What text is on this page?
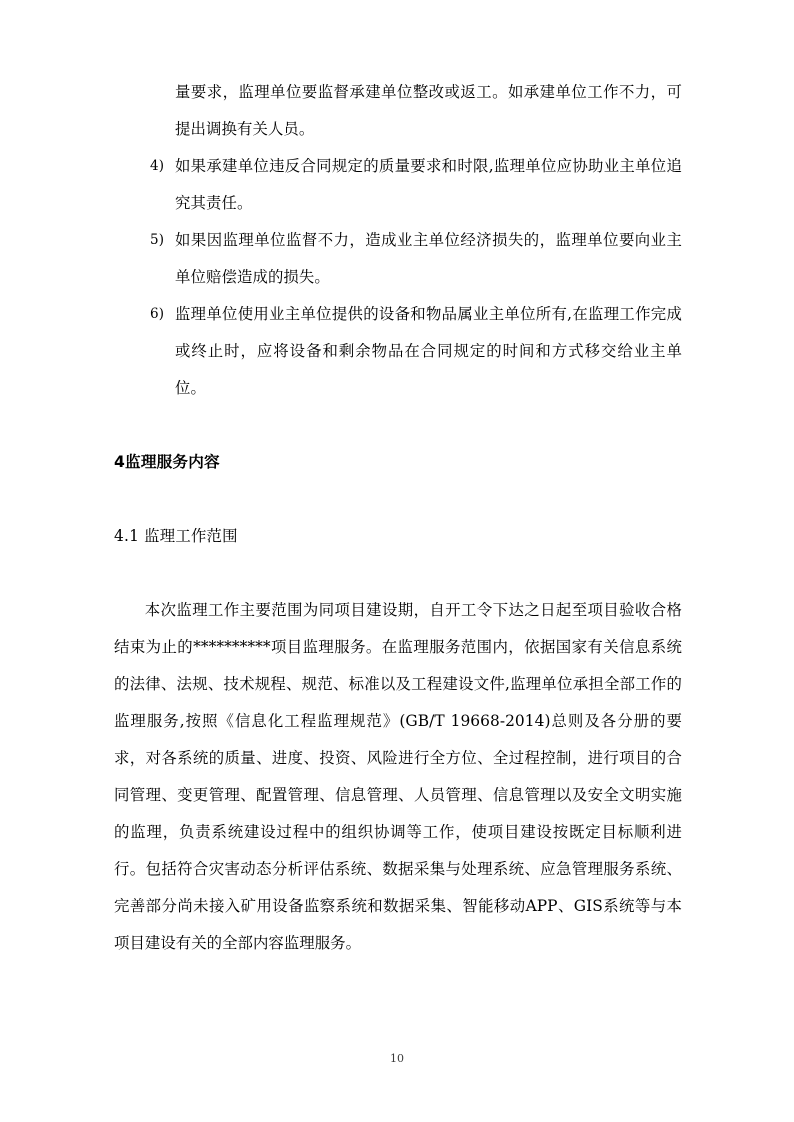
量要求，监理单位要监督承建单位整改或返工。如承建单位工作不力，可提出调换有关人员。

4) 如果承建单位违反合同规定的质量要求和时限,监理单位应协助业主单位追究其责任。
5) 如果因监理单位监督不力，造成业主单位经济损失的，监理单位要向业主单位赔偿造成的损失。
6) 监理单位使用业主单位提供的设备和物品属业主单位所有,在监理工作完成或终止时，应将设备和剩余物品在合同规定的时间和方式移交给业主单位。
4监理服务内容
4.1 监理工作范围

本次监理工作主要范围为同项目建设期，自开工令下达之日起至项目验收合格结束为止的**********项目监理服务。在监理服务范围内，依据国家有关信息系统的法律、法规、技术规程、规范、标准以及工程建设文件,监理单位承担全部工作的监理服务,按照《信息化工程监理规范》(GB/T 19668-2014)总则及各分册的要求，对各系统的质量、进度、投资、风险进行全方位、全过程控制，进行项目的合同管理、变更管理、配置管理、信息管理、人员管理、信息管理以及安全文明实施的监理，负责系统建设过程中的组织协调等工作，使项目建设按既定目标顺利进行。包括符合灾害动态分析评估系统、数据采集与处理系统、应急管理服务系统、完善部分尚未接入矿用设备监察系统和数据采集、智能移动APP、GIS系统等与本项目建设有关的全部内容监理服务。

10
